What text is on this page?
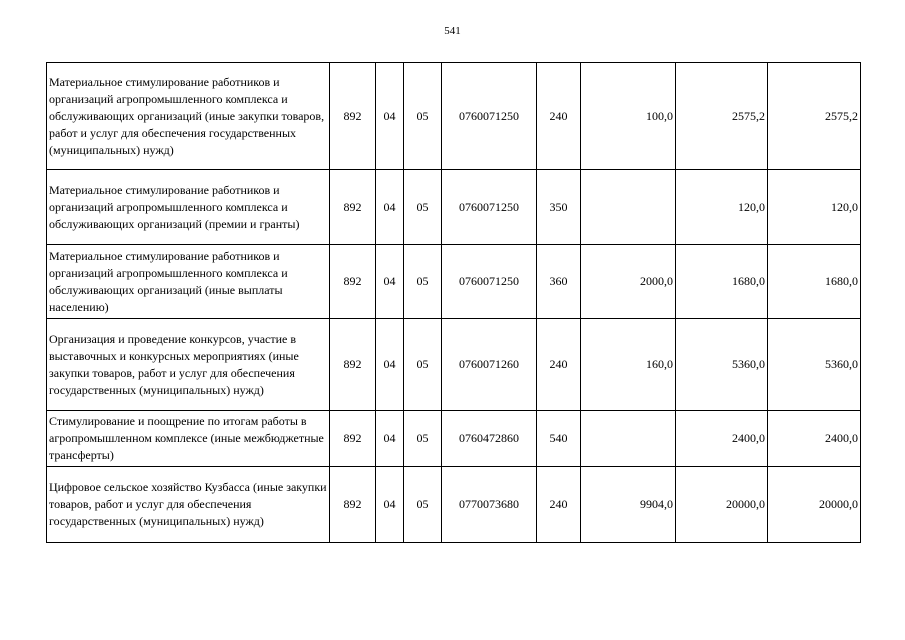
541
Материальное стимулирование работников и организаций агропромышленного комплекса и обслуживающих организаций (иные закупки товаров, работ и услуг для обеспечения государственных (муниципальных) нужд)	892	04	05	0760071250	240	100,0	2575,2	2575,2
Материальное стимулирование работников и организаций агропромышленного комплекса и обслуживающих организаций (премии и гранты)	892	04	05	0760071250	350		120,0	120,0
Материальное стимулирование работников и организаций агропромышленного комплекса и обслуживающих организаций (иные выплаты населению)	892	04	05	0760071250	360	2000,0	1680,0	1680,0
Организация и проведение конкурсов, участие в выставочных и конкурсных мероприятиях (иные закупки товаров, работ и услуг для обеспечения государственных (муниципальных) нужд)	892	04	05	0760071260	240	160,0	5360,0	5360,0
Стимулирование и поощрение по итогам работы в агропромышленном комплексе (иные межбюджетные трансферты)	892	04	05	0760472860	540		2400,0	2400,0
Цифровое сельское хозяйство Кузбасса (иные закупки товаров, работ и услуг для обеспечения государственных (муниципальных) нужд)	892	04	05	0770073680	240	9904,0	20000,0	20000,0
